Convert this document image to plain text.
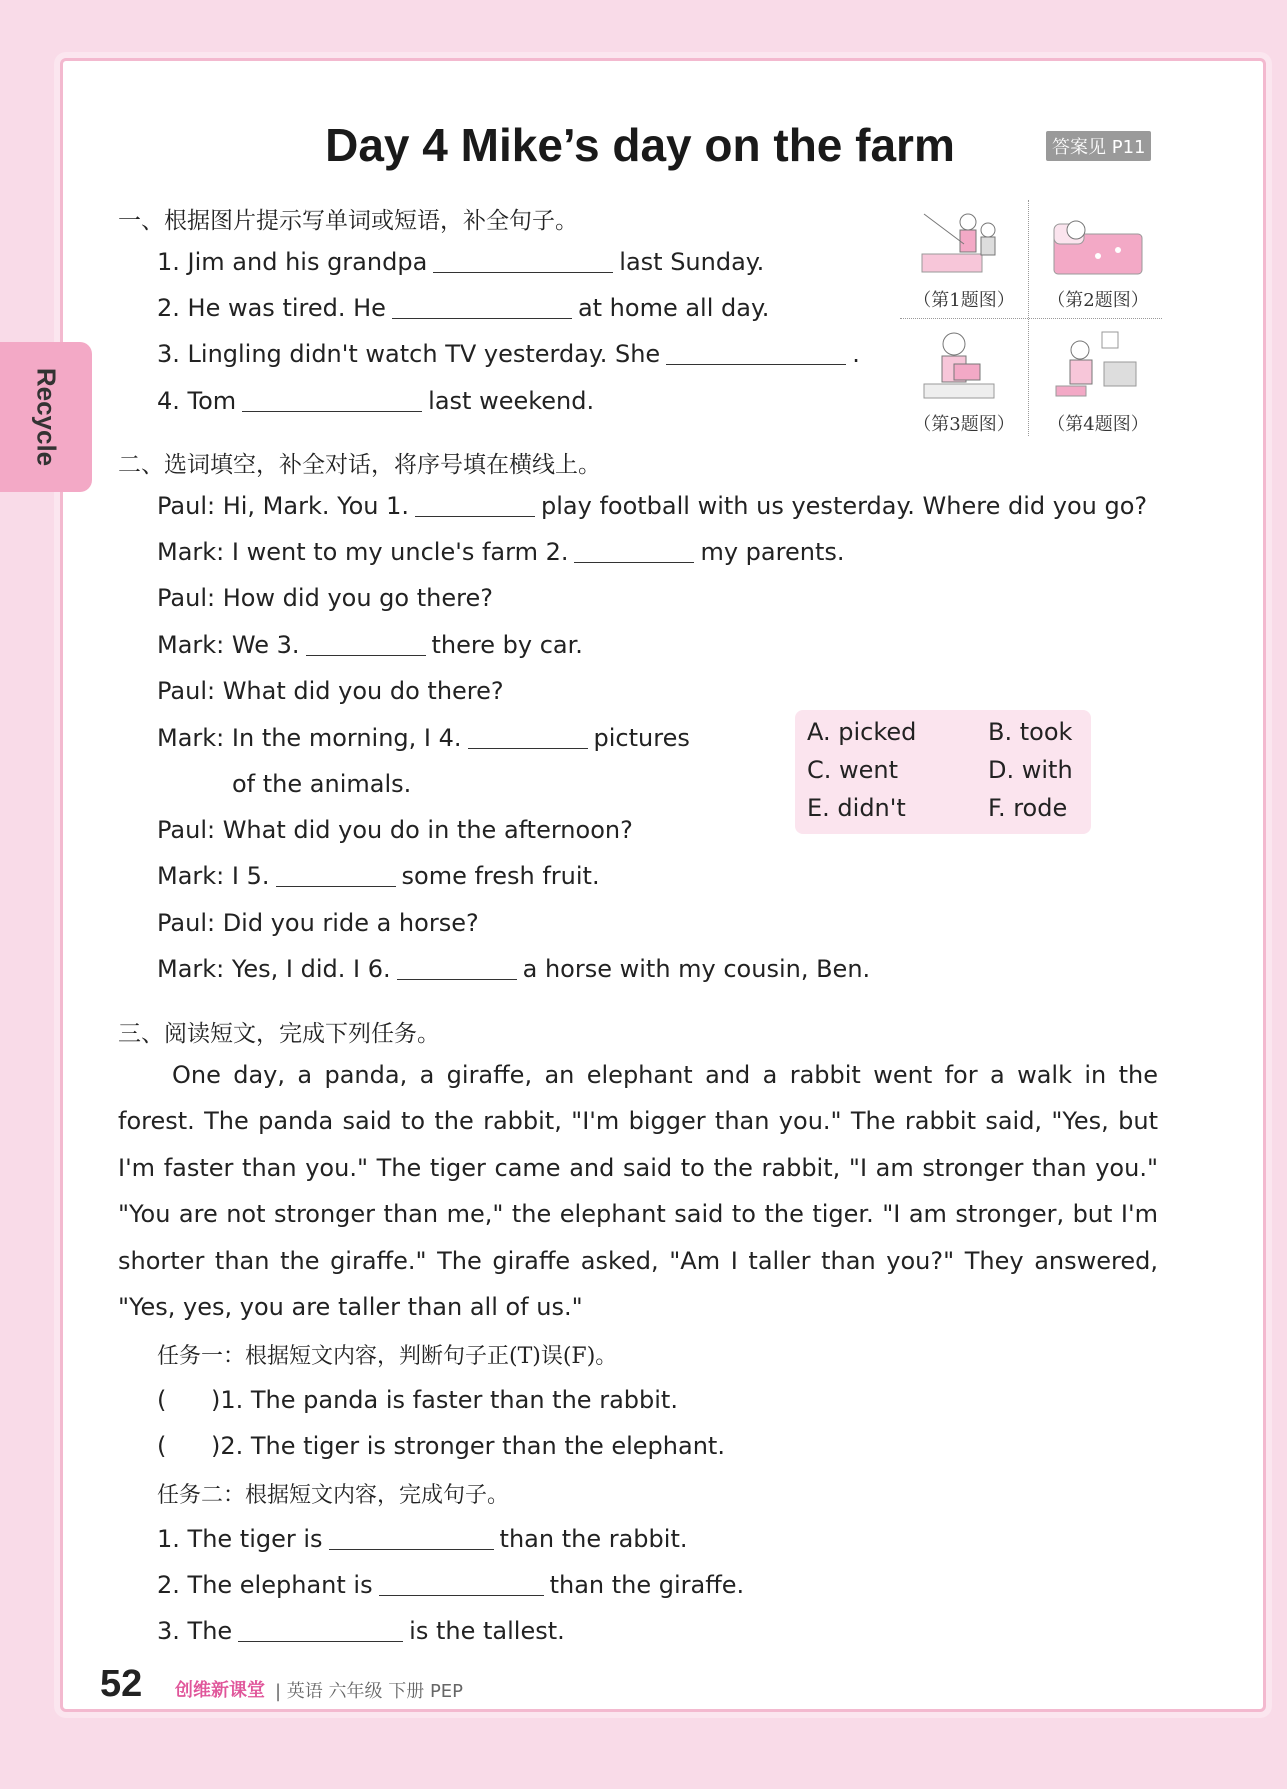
Recycle
Day 4 Mike’s day on the farm	答案见 P11
一、根据图片提示写单词或短语，补全句子。
1. Jim and his grandpa	last Sunday.
2. He was tired. He	at home all day.
3. Lingling didn't watch TV yesterday. She	.
4. Tom	last weekend.
（第1题图）	（第2题图）
（第3题图）	（第4题图）
二、选词填空，补全对话，将序号填在横线上。
Paul: Hi, Mark. You 1.	play football with us yesterday. Where did you go?
Mark: I went to my uncle's farm 2.	my parents.
Paul: How did you go there?
Mark: We 3.	there by car.
Paul: What did you do there?
Mark: In the morning, I 4.	pictures
of the animals.
Paul: What did you do in the afternoon?
Mark: I 5.	some fresh fruit.
Paul: Did you ride a horse?
Mark: Yes, I did. I 6.	a horse with my cousin, Ben.
A. picked	B. took
C. went	D. with
E. didn't	F. rode
三、阅读短文，完成下列任务。
One day, a panda, a giraffe, an elephant and a rabbit went for a walk in the forest. The panda said to the rabbit, "I'm bigger than you." The rabbit said, "Yes, but I'm faster than you." The tiger came and said to the rabbit, "I am stronger than you." "You are not stronger than me," the elephant said to the tiger. "I am stronger, but I'm shorter than the giraffe." The giraffe asked, "Am I taller than you?" They answered, "Yes, yes, you are taller than all of us."
任务一：根据短文内容，判断句子正(T)误(F)。
( )1. The panda is faster than the rabbit.
( )2. The tiger is stronger than the elephant.
任务二：根据短文内容，完成句子。
1. The tiger is	than the rabbit.
2. The elephant is	than the giraffe.
3. The	is the tallest.
52 创维新课堂 | 英语 六年级 下册 PEP
